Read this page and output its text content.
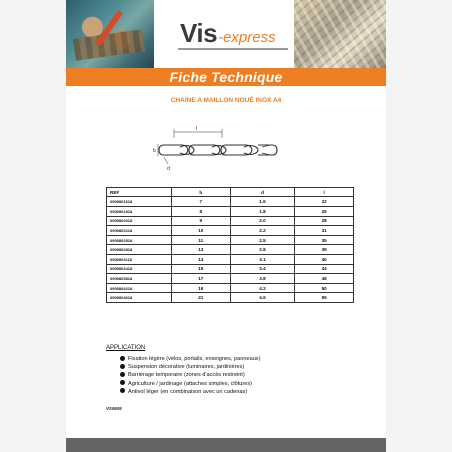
Vis-express
Fiche Technique
CHAINE A MAILLON NOUÉ INOX A4
l
b
d
REF	b	d	l
0905801618	7	1.6	22
0905801818	8	1.8	25
0905802018	9	2.0	28
0905802218	10	2.2	31
0905802518	11	2.5	35
0905802818	13	2.8	39
0905803118	14	3.1	40
0905803418	15	3.4	44
0905803818	17	3.8	46
0905804218	19	4.2	50
0905804618	21	4.6	55
APPLICATION
Fixation légère (vélos, portails, enseignes, panneaux)
Suspension décorative (luminaires, jardinières)
Barriérage temporaire (zones d'accès restreint)
Agriculture / jardinage (attaches simples, clôtures)
Antivol léger (en combinaison avec un cadenas)
VS0609
